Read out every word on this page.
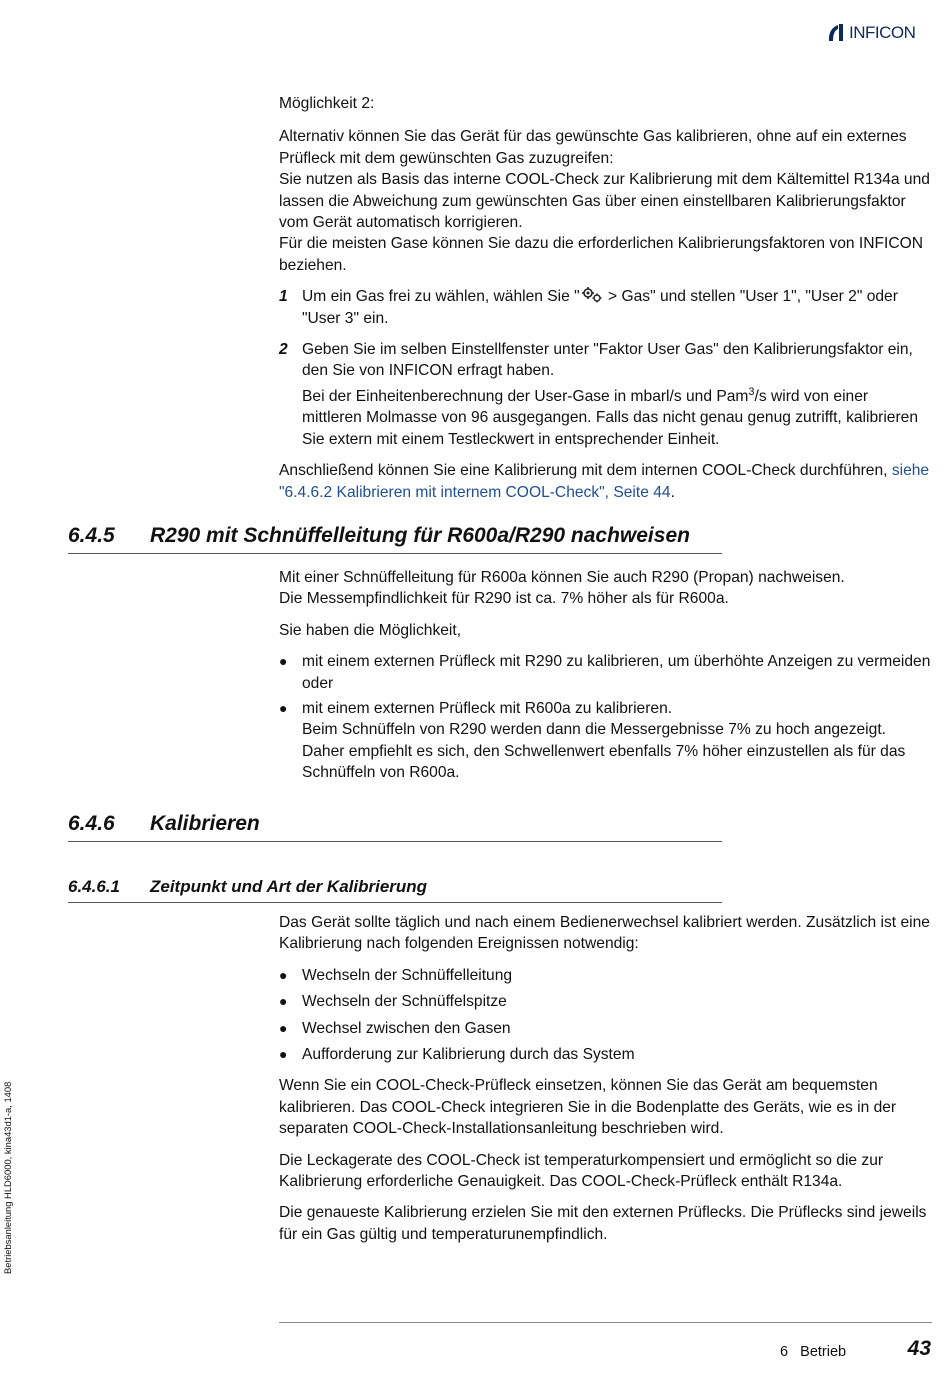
INFICON

Möglichkeit 2:

Alternativ können Sie das Gerät für das gewünschte Gas kalibrieren, ohne auf ein externes Prüfleck mit dem gewünschten Gas zuzugreifen:

Sie nutzen als Basis das interne COOL-Check zur Kalibrierung mit dem Kältemittel R134a und lassen die Abweichung zum gewünschten Gas über einen einstellbaren Kalibrierungsfaktor vom Gerät automatisch korrigieren.

Für die meisten Gase können Sie dazu die erforderlichen Kalibrierungsfaktoren von INFICON beziehen.

1 Um ein Gas frei zu wählen, wählen Sie " > Gas" und stellen "User 1", "User 2" oder "User 3" ein.
2 Geben Sie im selben Einstellfenster unter "Faktor User Gas" den Kalibrierungsfaktor ein, den Sie von INFICON erfragt haben.

Bei der Einheitenberechnung der User-Gase in mbarl/s und Pam$^3$/s wird von einer mittleren Molmasse von 96 ausgegangen. Falls das nicht genau genug zutrifft, kalibrieren Sie extern mit einem Testleckwert in entsprechender Einheit.

Anschließend können Sie eine Kalibrierung mit dem internen COOL-Check durchführen, siehe "6.4.6.2 Kalibrieren mit internem COOL-Check", Seite 44.

6.4.5 R290 mit Schnüffelleitung für R600a/R290 nachweisen

Mit einer Schnüffelleitung für R600a können Sie auch R290 (Propan) nachweisen.

Die Messempfindlichkeit für R290 ist ca. 7% höher als für R600a.

Sie haben die Möglichkeit,

● mit einem externen Prüfleck mit R290 zu kalibrieren, um überhöhte Anzeigen zu vermeiden oder
● mit einem externen Prüfleck mit R600a zu kalibrieren.

Beim Schnüffeln von R290 werden dann die Messergebnisse 7% zu hoch angezeigt. Daher empfiehlt es sich, den Schwellenwert ebenfalls 7% höher einzustellen als für das Schnüffeln von R600a.

6.4.6 Kalibrieren
6.4.6.1 Zeitpunkt und Art der Kalibrierung

Das Gerät sollte täglich und nach einem Bedienerwechsel kalibriert werden. Zusätzlich ist eine Kalibrierung nach folgenden Ereignissen notwendig:

● Wechseln der Schnüffelleitung
● Wechseln der Schnüffelspitze
● Wechsel zwischen den Gasen
● Aufforderung zur Kalibrierung durch das System

Wenn Sie ein COOL-Check-Prüfleck einsetzen, können Sie das Gerät am bequemsten kalibrieren. Das COOL-Check integrieren Sie in die Bodenplatte des Geräts, wie es in der separaten COOL-Check-Installationsanleitung beschrieben wird.

Die Leckagerate des COOL-Check ist temperaturkompensiert und ermöglicht so die zur Kalibrierung erforderliche Genauigkeit. Das COOL-Check-Prüfleck enthält R134a.

Die genaueste Kalibrierung erzielen Sie mit den externen Prüflecks. Die Prüflecks sind jeweils für ein Gas gültig und temperaturunempfindlich.

Betriebsanleitung HLD6000, kina43d1-a, 1408
6   Betrieb	43
